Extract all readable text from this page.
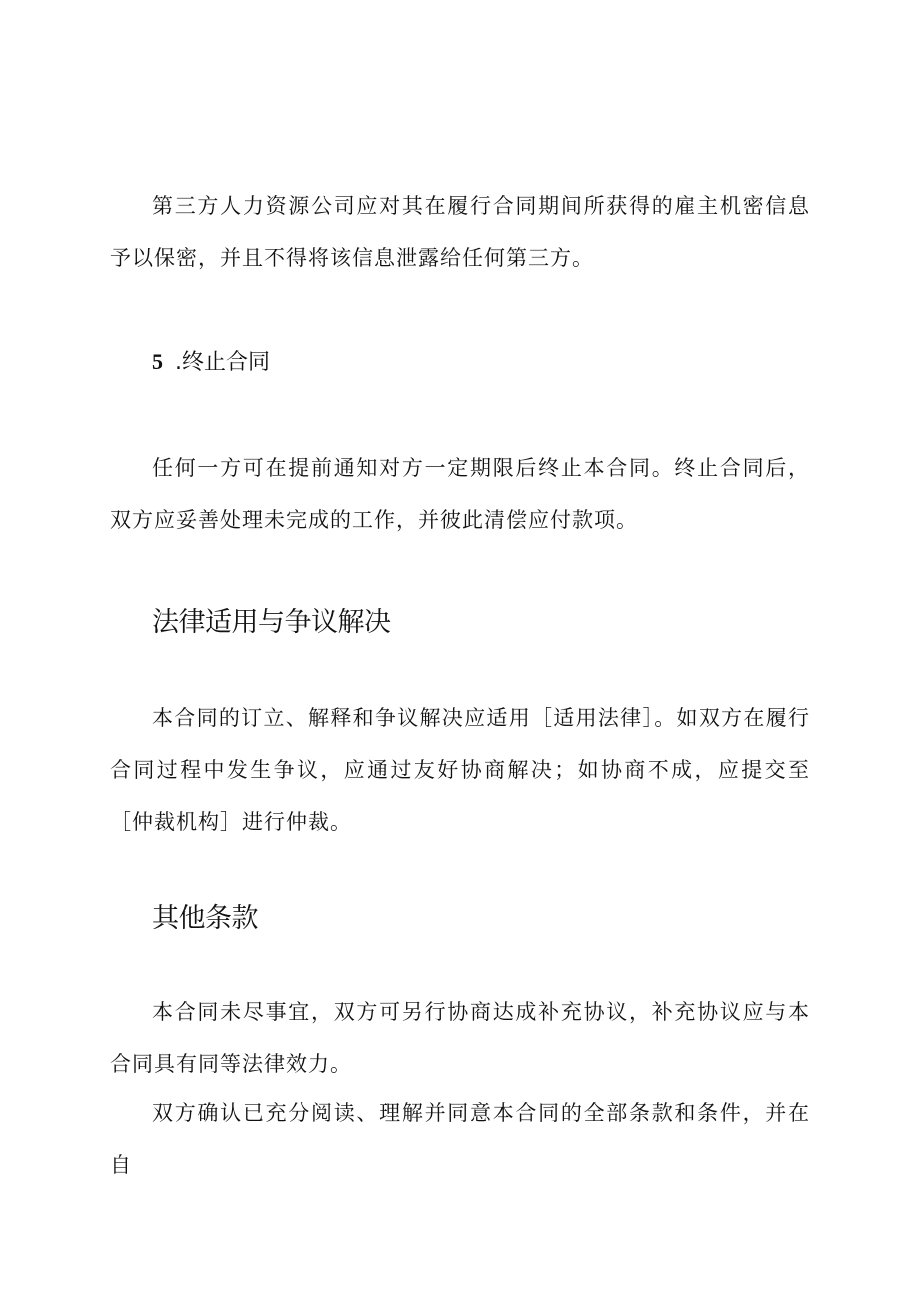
第三方人力资源公司应对其在履行合同期间所获得的雇主机密信息予以保密，并且不得将该信息泄露给任何第三方。

5 .终止合同

任何一方可在提前通知对方一定期限后终止本合同。终止合同后，双方应妥善处理未完成的工作，并彼此清偿应付款项。

法律适用与争议解决

本合同的订立、解释和争议解决应适用［适用法律］。如双方在履行合同过程中发生争议，应通过友好协商解决；如协商不成，应提交至［仲裁机构］进行仲裁。

其他条款

本合同未尽事宜，双方可另行协商达成补充协议，补充协议应与本合同具有同等法律效力。

双方确认已充分阅读、理解并同意本合同的全部条款和条件，并在自
